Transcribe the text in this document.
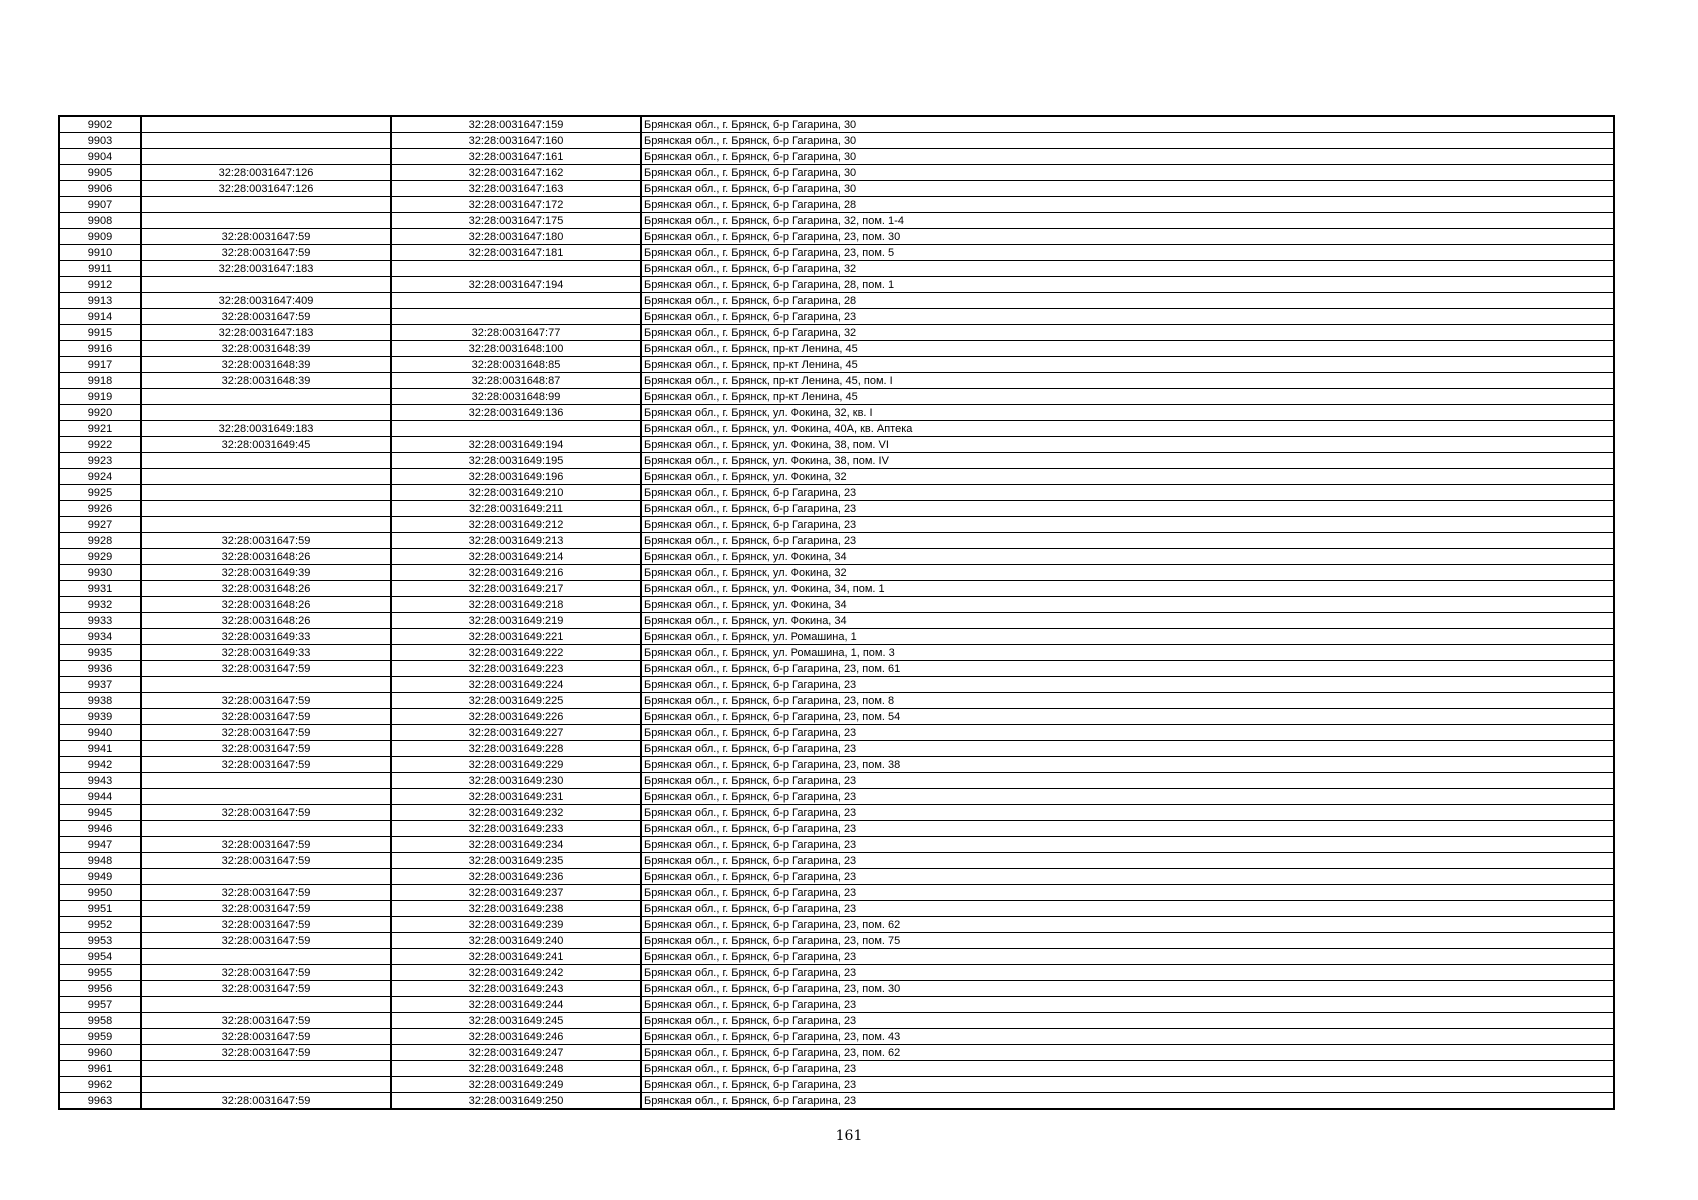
9902		32:28:0031647:159	Брянская обл., г. Брянск, б-р Гагарина, 30
9903		32:28:0031647:160	Брянская обл., г. Брянск, б-р Гагарина, 30
9904		32:28:0031647:161	Брянская обл., г. Брянск, б-р Гагарина, 30
9905	32:28:0031647:126	32:28:0031647:162	Брянская обл., г. Брянск, б-р Гагарина, 30
9906	32:28:0031647:126	32:28:0031647:163	Брянская обл., г. Брянск, б-р Гагарина, 30
9907		32:28:0031647:172	Брянская обл., г. Брянск, б-р Гагарина, 28
9908		32:28:0031647:175	Брянская обл., г. Брянск, б-р Гагарина, 32, пом. 1-4
9909	32:28:0031647:59	32:28:0031647:180	Брянская обл., г. Брянск, б-р Гагарина, 23, пом. 30
9910	32:28:0031647:59	32:28:0031647:181	Брянская обл., г. Брянск, б-р Гагарина, 23, пом. 5
9911	32:28:0031647:183		Брянская обл., г. Брянск, б-р Гагарина, 32
9912		32:28:0031647:194	Брянская обл., г. Брянск, б-р Гагарина, 28, пом. 1
9913	32:28:0031647:409		Брянская обл., г. Брянск, б-р Гагарина, 28
9914	32:28:0031647:59		Брянская обл., г. Брянск, б-р Гагарина, 23
9915	32:28:0031647:183	32:28:0031647:77	Брянская обл., г. Брянск, б-р Гагарина, 32
9916	32:28:0031648:39	32:28:0031648:100	Брянская обл., г. Брянск, пр-кт Ленина, 45
9917	32:28:0031648:39	32:28:0031648:85	Брянская обл., г. Брянск, пр-кт Ленина, 45
9918	32:28:0031648:39	32:28:0031648:87	Брянская обл., г. Брянск, пр-кт Ленина, 45, пом. I
9919		32:28:0031648:99	Брянская обл., г. Брянск, пр-кт Ленина, 45
9920		32:28:0031649:136	Брянская обл., г. Брянск, ул. Фокина, 32, кв. I
9921	32:28:0031649:183		Брянская обл., г. Брянск, ул. Фокина, 40А, кв. Аптека
9922	32:28:0031649:45	32:28:0031649:194	Брянская обл., г. Брянск, ул. Фокина, 38, пом. VI
9923		32:28:0031649:195	Брянская обл., г. Брянск, ул. Фокина, 38, пом. IV
9924		32:28:0031649:196	Брянская обл., г. Брянск, ул. Фокина, 32
9925		32:28:0031649:210	Брянская обл., г. Брянск, б-р Гагарина, 23
9926		32:28:0031649:211	Брянская обл., г. Брянск, б-р Гагарина, 23
9927		32:28:0031649:212	Брянская обл., г. Брянск, б-р Гагарина, 23
9928	32:28:0031647:59	32:28:0031649:213	Брянская обл., г. Брянск, б-р Гагарина, 23
9929	32:28:0031648:26	32:28:0031649:214	Брянская обл., г. Брянск, ул. Фокина, 34
9930	32:28:0031649:39	32:28:0031649:216	Брянская обл., г. Брянск, ул. Фокина, 32
9931	32:28:0031648:26	32:28:0031649:217	Брянская обл., г. Брянск, ул. Фокина, 34, пом. 1
9932	32:28:0031648:26	32:28:0031649:218	Брянская обл., г. Брянск, ул. Фокина, 34
9933	32:28:0031648:26	32:28:0031649:219	Брянская обл., г. Брянск, ул. Фокина, 34
9934	32:28:0031649:33	32:28:0031649:221	Брянская обл., г. Брянск, ул. Ромашина, 1
9935	32:28:0031649:33	32:28:0031649:222	Брянская обл., г. Брянск, ул. Ромашина, 1, пом. 3
9936	32:28:0031647:59	32:28:0031649:223	Брянская обл., г. Брянск, б-р Гагарина, 23, пом. 61
9937		32:28:0031649:224	Брянская обл., г. Брянск, б-р Гагарина, 23
9938	32:28:0031647:59	32:28:0031649:225	Брянская обл., г. Брянск, б-р Гагарина, 23, пом. 8
9939	32:28:0031647:59	32:28:0031649:226	Брянская обл., г. Брянск, б-р Гагарина, 23, пом. 54
9940	32:28:0031647:59	32:28:0031649:227	Брянская обл., г. Брянск, б-р Гагарина, 23
9941	32:28:0031647:59	32:28:0031649:228	Брянская обл., г. Брянск, б-р Гагарина, 23
9942	32:28:0031647:59	32:28:0031649:229	Брянская обл., г. Брянск, б-р Гагарина, 23, пом. 38
9943		32:28:0031649:230	Брянская обл., г. Брянск, б-р Гагарина, 23
9944		32:28:0031649:231	Брянская обл., г. Брянск, б-р Гагарина, 23
9945	32:28:0031647:59	32:28:0031649:232	Брянская обл., г. Брянск, б-р Гагарина, 23
9946		32:28:0031649:233	Брянская обл., г. Брянск, б-р Гагарина, 23
9947	32:28:0031647:59	32:28:0031649:234	Брянская обл., г. Брянск, б-р Гагарина, 23
9948	32:28:0031647:59	32:28:0031649:235	Брянская обл., г. Брянск, б-р Гагарина, 23
9949		32:28:0031649:236	Брянская обл., г. Брянск, б-р Гагарина, 23
9950	32:28:0031647:59	32:28:0031649:237	Брянская обл., г. Брянск, б-р Гагарина, 23
9951	32:28:0031647:59	32:28:0031649:238	Брянская обл., г. Брянск, б-р Гагарина, 23
9952	32:28:0031647:59	32:28:0031649:239	Брянская обл., г. Брянск, б-р Гагарина, 23, пом. 62
9953	32:28:0031647:59	32:28:0031649:240	Брянская обл., г. Брянск, б-р Гагарина, 23, пом. 75
9954		32:28:0031649:241	Брянская обл., г. Брянск, б-р Гагарина, 23
9955	32:28:0031647:59	32:28:0031649:242	Брянская обл., г. Брянск, б-р Гагарина, 23
9956	32:28:0031647:59	32:28:0031649:243	Брянская обл., г. Брянск, б-р Гагарина, 23, пом. 30
9957		32:28:0031649:244	Брянская обл., г. Брянск, б-р Гагарина, 23
9958	32:28:0031647:59	32:28:0031649:245	Брянская обл., г. Брянск, б-р Гагарина, 23
9959	32:28:0031647:59	32:28:0031649:246	Брянская обл., г. Брянск, б-р Гагарина, 23, пом. 43
9960	32:28:0031647:59	32:28:0031649:247	Брянская обл., г. Брянск, б-р Гагарина, 23, пом. 62
9961		32:28:0031649:248	Брянская обл., г. Брянск, б-р Гагарина, 23
9962		32:28:0031649:249	Брянская обл., г. Брянск, б-р Гагарина, 23
9963	32:28:0031647:59	32:28:0031649:250	Брянская обл., г. Брянск, б-р Гагарина, 23
161
